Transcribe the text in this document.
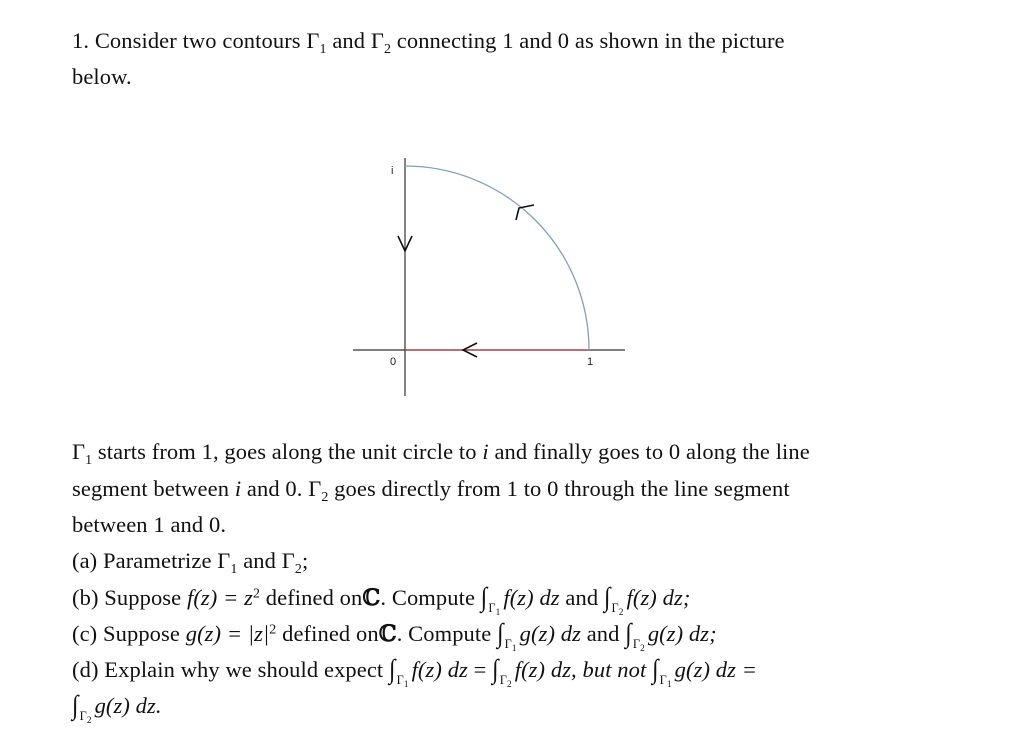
1. Consider two contours $\Gamma_1$ and $\Gamma_2$ connecting 1 and 0 as shown in the picture
below.
i
0	1
$\Gamma_1$ starts from 1, goes along the unit circle to i and finally goes to 0 along the line
segment between i and 0. $\Gamma_2$ goes directly from 1 to 0 through the line segment
between 1 and 0.
(a) Parametrize $\Gamma_1$ and $\Gamma_2$;
(b) Suppose $f(z) = z^2$ defined onℂ. Compute $\int_{\Gamma_1}f(z)$ dz and $\int_{\Gamma_2}f(z)$ dz;
(c) Suppose $g(z) = |z|^2$ defined onℂ. Compute $\int_{\Gamma_1}g(z)$ dz and $\int_{\Gamma_2}g(z)$ dz;
(d) Explain why we should expect $\int_{\Gamma_1}f(z)$ dz = $\int_{\Gamma_2}f(z)$ dz, but not $\int_{\Gamma_1}g(z)$ dz =
$\int_{\Gamma_2}g(z)$ dz.
